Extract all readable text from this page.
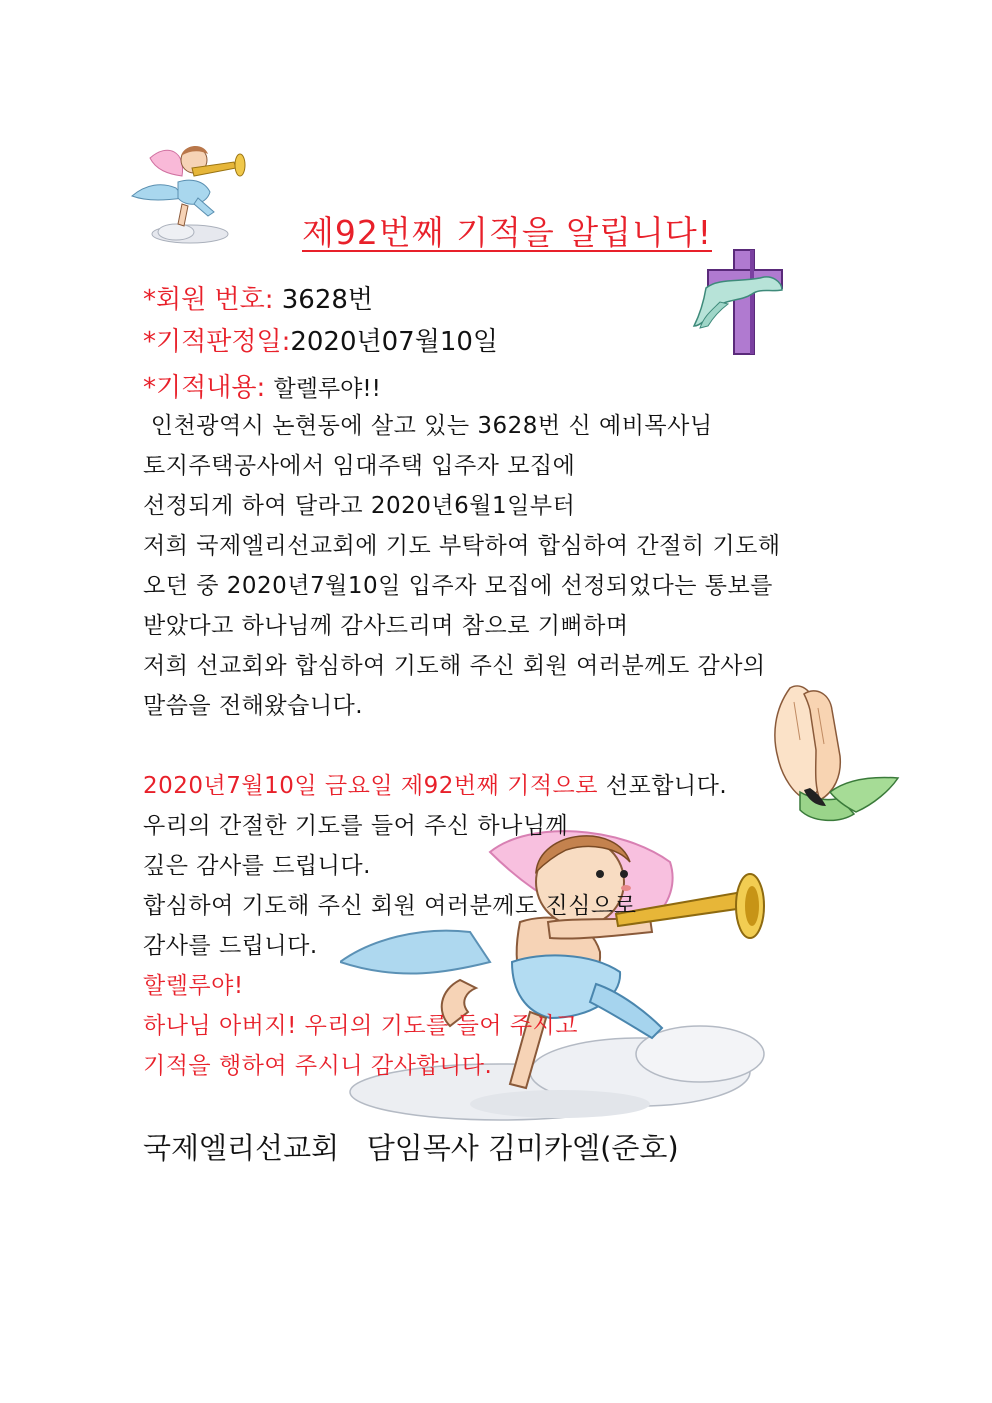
제92번째 기적을 알립니다!
*회원 번호: 3628번
*기적판정일:2020년07월10일
*기적내용: 할렐루야!!
인천광역시 논현동에 살고 있는 3628번 신 예비목사님
토지주택공사에서 임대주택 입주자 모집에
선정되게 하여 달라고 2020년6월1일부터
저희 국제엘리선교회에 기도 부탁하여 합심하여 간절히 기도해
오던 중 2020년7월10일 입주자 모집에 선정되었다는 통보를
받았다고 하나님께 감사드리며 참으로 기뻐하며
저희 선교회와 합심하여 기도해 주신 회원 여러분께도 감사의
말씀을 전해왔습니다.
2020년7월10일 금요일 제92번째 기적으로 선포합니다.
우리의 간절한 기도를 들어 주신 하나님께
깊은 감사를 드립니다.
합심하여 기도해 주신 회원 여러분께도 진심으로
감사를 드립니다.
할렐루야!
하나님 아버지! 우리의 기도를 들어 주시고
기적을 행하여 주시니 감사합니다.
국제엘리선교회   담임목사 김미카엘(준호)
